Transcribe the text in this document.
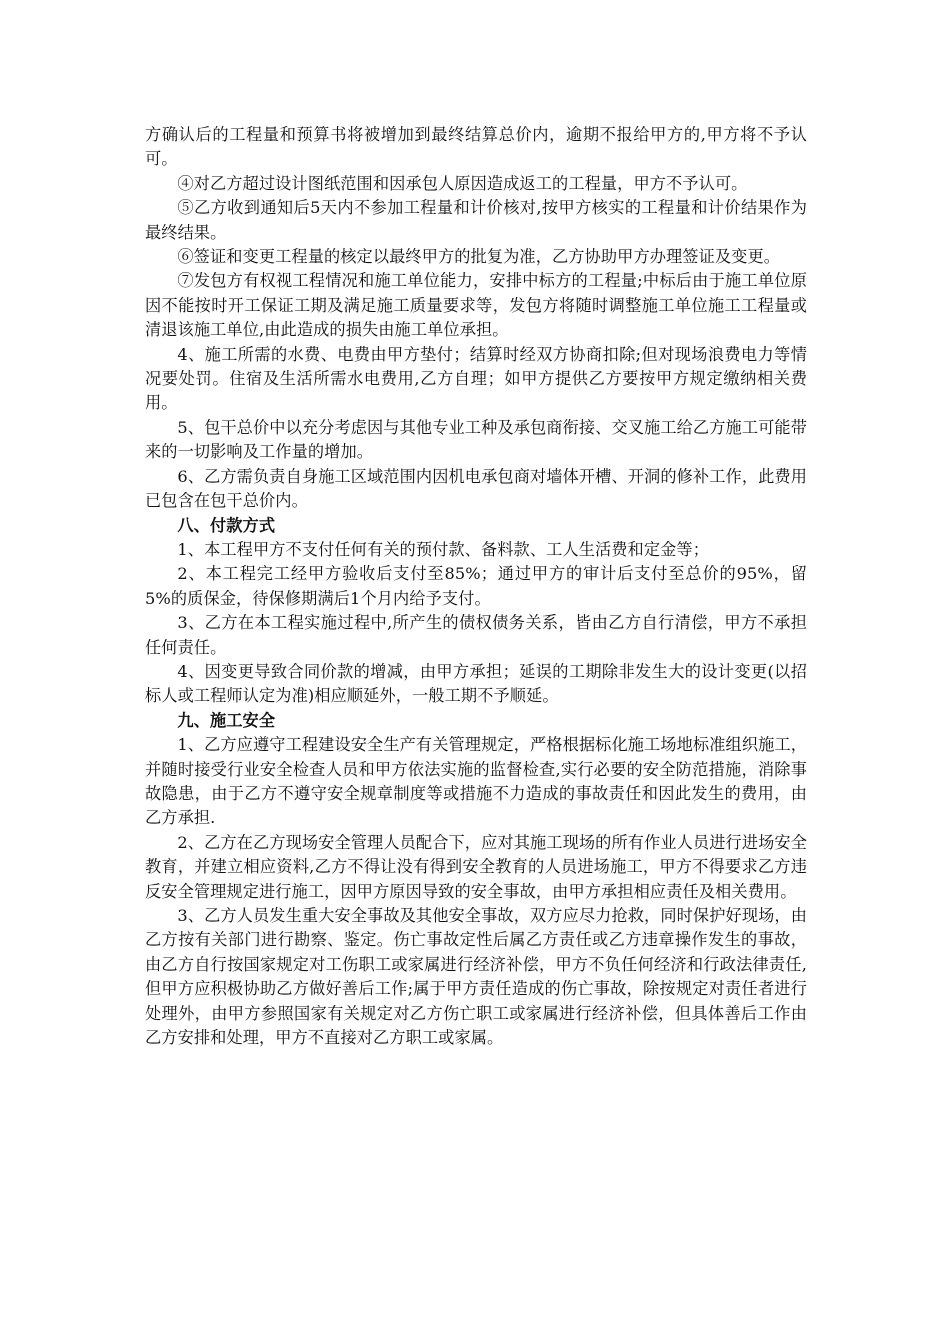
方确认后的工程量和预算书将被增加到最终结算总价内，逾期不报给甲方的,甲方将不予认可。

④对乙方超过设计图纸范围和因承包人原因造成返工的工程量，甲方不予认可。

⑤乙方收到通知后5天内不参加工程量和计价核对,按甲方核实的工程量和计价结果作为最终结果。

⑥签证和变更工程量的核定以最终甲方的批复为准，乙方协助甲方办理签证及变更。

⑦发包方有权视工程情况和施工单位能力，安排中标方的工程量;中标后由于施工单位原因不能按时开工保证工期及满足施工质量要求等，发包方将随时调整施工单位施工工程量或清退该施工单位,由此造成的损失由施工单位承担。

4、施工所需的水费、电费由甲方垫付；结算时经双方协商扣除;但对现场浪费电力等情况要处罚。住宿及生活所需水电费用,乙方自理；如甲方提供乙方要按甲方规定缴纳相关费用。

5、包干总价中以充分考虑因与其他专业工种及承包商衔接、交叉施工给乙方施工可能带来的一切影响及工作量的增加。

6、乙方需负责自身施工区域范围内因机电承包商对墙体开槽、开洞的修补工作，此费用已包含在包干总价内。

八、付款方式

1、本工程甲方不支付任何有关的预付款、备料款、工人生活费和定金等；

2、本工程完工经甲方验收后支付至85%；通过甲方的审计后支付至总价的95%，留5%的质保金，待保修期满后1个月内给予支付。

3、乙方在本工程实施过程中,所产生的债权债务关系，皆由乙方自行清偿，甲方不承担任何责任。

4、因变更导致合同价款的增减，由甲方承担；延误的工期除非发生大的设计变更(以招标人或工程师认定为准)相应顺延外，一般工期不予顺延。

九、施工安全

1、乙方应遵守工程建设安全生产有关管理规定，严格根据标化施工场地标准组织施工，并随时接受行业安全检查人员和甲方依法实施的监督检查,实行必要的安全防范措施，消除事故隐患，由于乙方不遵守安全规章制度等或措施不力造成的事故责任和因此发生的费用，由乙方承担.

2、乙方在乙方现场安全管理人员配合下，应对其施工现场的所有作业人员进行进场安全教育，并建立相应资料,乙方不得让没有得到安全教育的人员进场施工，甲方不得要求乙方违反安全管理规定进行施工，因甲方原因导致的安全事故，由甲方承担相应责任及相关费用。

3、乙方人员发生重大安全事故及其他安全事故，双方应尽力抢救，同时保护好现场，由乙方按有关部门进行勘察、鉴定。伤亡事故定性后属乙方责任或乙方违章操作发生的事故，由乙方自行按国家规定对工伤职工或家属进行经济补偿，甲方不负任何经济和行政法律责任,但甲方应积极协助乙方做好善后工作;属于甲方责任造成的伤亡事故，除按规定对责任者进行处理外，由甲方参照国家有关规定对乙方伤亡职工或家属进行经济补偿，但具体善后工作由乙方安排和处理，甲方不直接对乙方职工或家属。
